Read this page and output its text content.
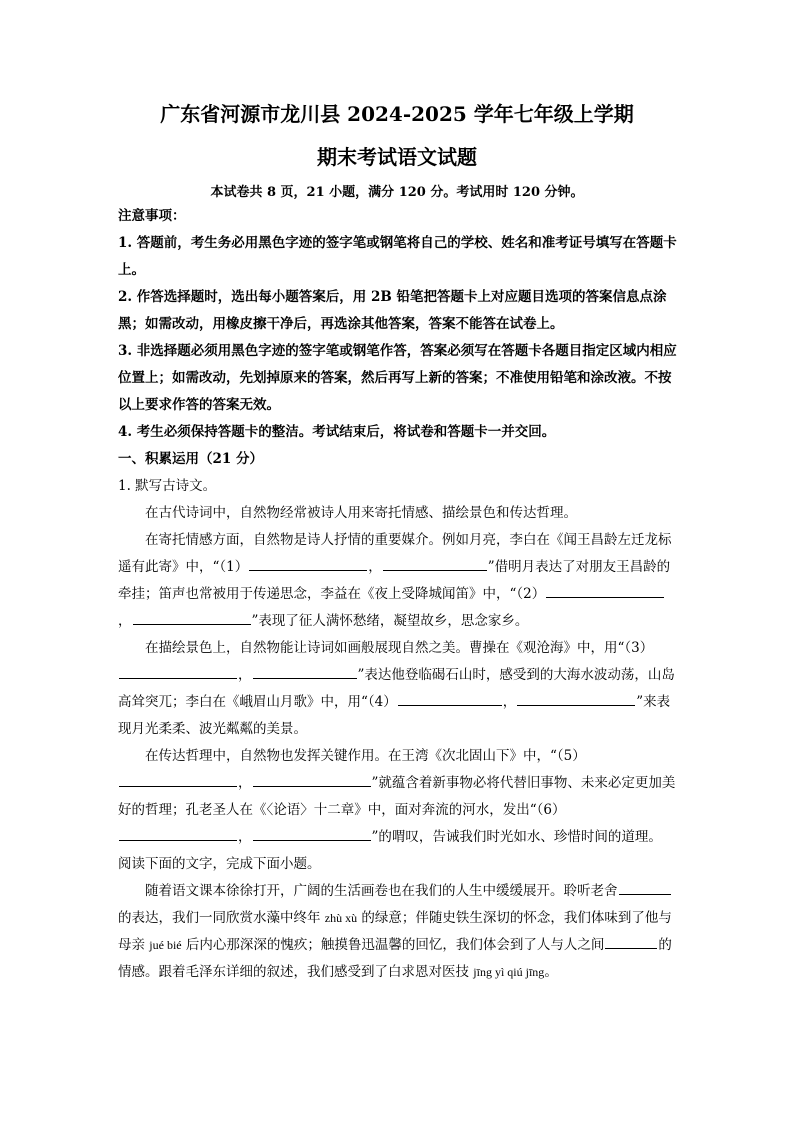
广东省河源市龙川县 2024-2025 学年七年级上学期
期末考试语文试题
本试卷共 8 页，21 小题，满分 120 分。考试用时 120 分钟。

注意事项：

1. 答题前，考生务必用黑色字迹的签字笔或钢笔将自己的学校、姓名和准考证号填写在答题卡上。

2. 作答选择题时，选出每小题答案后，用 2B 铅笔把答题卡上对应题目选项的答案信息点涂黑；如需改动，用橡皮擦干净后，再选涂其他答案，答案不能答在试卷上。

3. 非选择题必须用黑色字迹的签字笔或钢笔作答，答案必须写在答题卡各题目指定区域内相应位置上；如需改动，先划掉原来的答案，然后再写上新的答案；不准使用铅笔和涂改液。不按以上要求作答的答案无效。

4. 考生必须保持答题卡的整洁。考试结束后，将试卷和答题卡一并交回。

一、积累运用（21 分）

1. 默写古诗文。

在古代诗词中，自然物经常被诗人用来寄托情感、描绘景色和传达哲理。

在寄托情感方面，自然物是诗人抒情的重要媒介。例如月亮，李白在《闻王昌龄左迁龙标遥有此寄》中，“（1）	，	”借明月表达了对朋友王昌龄的牵挂；笛声也常被用于传递思念，李益在《夜上受降城闻笛》中，“（2），	”表现了征人满怀愁绪，凝望故乡，思念家乡。

在描绘景色上，自然物能让诗词如画般展现自然之美。曹操在《观沧海》中，用“（3），	”表达他登临碣石山时，感受到的大海水波动荡，山岛高耸突兀；李白在《峨眉山月歌》中，用“（4）	，	”来表现月光柔柔、波光粼粼的美景。

在传达哲理中，自然物也发挥关键作用。在王湾《次北固山下》中，“（5），	”就蕴含着新事物必将代替旧事物、未来必定更加美好的哲理；孔老圣人在《〈论语〉十二章》中，面对奔流的河水，发出“（6），	”的喟叹，告诫我们时光如水、珍惜时间的道理。

阅读下面的文字，完成下面小题。

随着语文课本徐徐打开，广阔的生活画卷也在我们的人生中缓缓展开。聆听老舍的表达，我们一同欣赏水藻中终年 zhù xù 的绿意；伴随史铁生深切的怀念，我们体味到了他与母亲 jué bié 后内心那深深的愧疚；触摸鲁迅温馨的回忆，我们体会到了人与人之间	的情感。跟着毛泽东详细的叙述，我们感受到了白求恩对医技 jīng yì qiú jīng。
